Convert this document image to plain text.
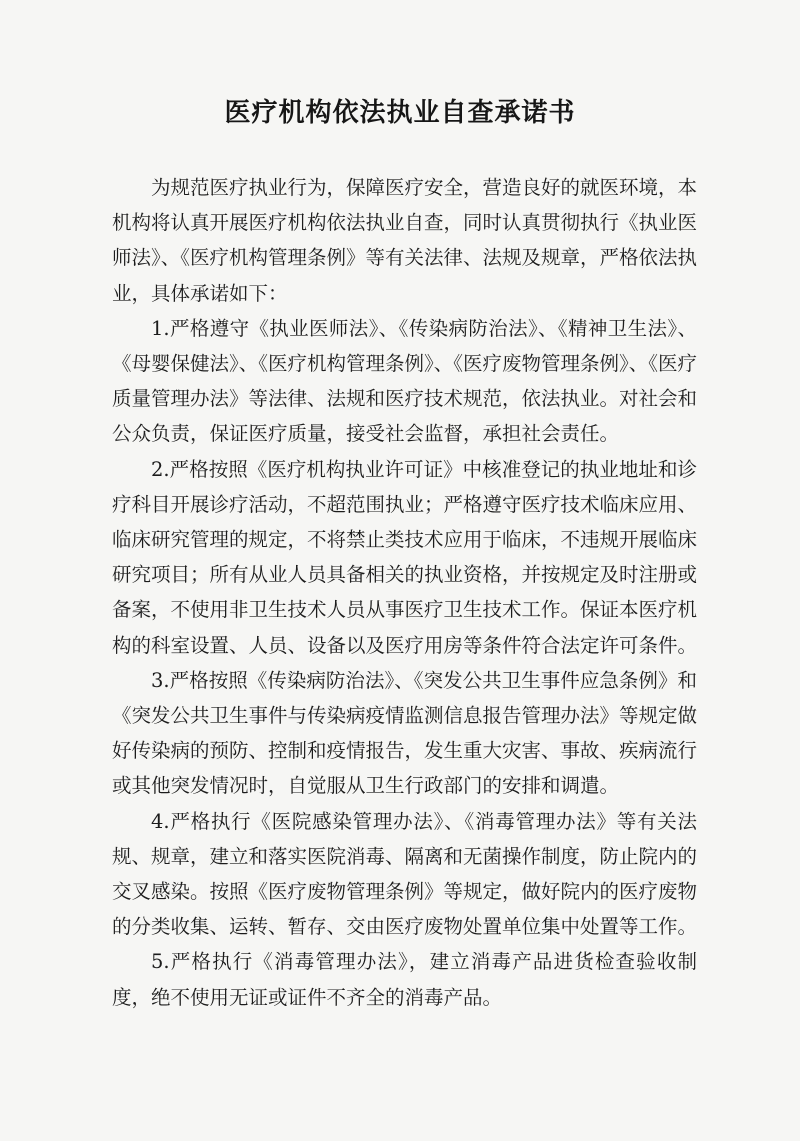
医疗机构依法执业自查承诺书

为规范医疗执业行为，保障医疗安全，营造良好的就医环境，本机构将认真开展医疗机构依法执业自查，同时认真贯彻执行《执业医师法》、《医疗机构管理条例》等有关法律、法规及规章，严格依法执业，具体承诺如下：

1.严格遵守《执业医师法》、《传染病防治法》、《精神卫生法》、《母婴保健法》、《医疗机构管理条例》、《医疗废物管理条例》、《医疗质量管理办法》等法律、法规和医疗技术规范，依法执业。对社会和公众负责，保证医疗质量，接受社会监督，承担社会责任。

2.严格按照《医疗机构执业许可证》中核准登记的执业地址和诊疗科目开展诊疗活动，不超范围执业；严格遵守医疗技术临床应用、临床研究管理的规定，不将禁止类技术应用于临床，不违规开展临床研究项目；所有从业人员具备相关的执业资格，并按规定及时注册或备案，不使用非卫生技术人员从事医疗卫生技术工作。保证本医疗机构的科室设置、人员、设备以及医疗用房等条件符合法定许可条件。

3.严格按照《传染病防治法》、《突发公共卫生事件应急条例》和《突发公共卫生事件与传染病疫情监测信息报告管理办法》等规定做好传染病的预防、控制和疫情报告，发生重大灾害、事故、疾病流行或其他突发情况时，自觉服从卫生行政部门的安排和调遣。

4.严格执行《医院感染管理办法》、《消毒管理办法》等有关法规、规章，建立和落实医院消毒、隔离和无菌操作制度，防止院内的交叉感染。按照《医疗废物管理条例》等规定，做好院内的医疗废物的分类收集、运转、暂存、交由医疗废物处置单位集中处置等工作。

5.严格执行《消毒管理办法》，建立消毒产品进货检查验收制度，绝不使用无证或证件不齐全的消毒产品。
